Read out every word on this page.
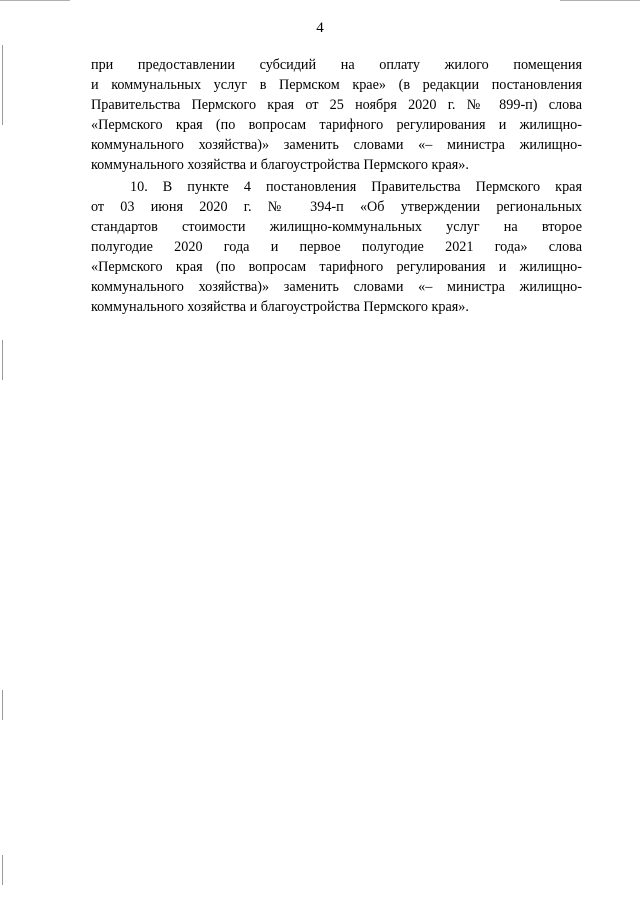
4
при предоставлении субсидий на оплату жилого помещения
и коммунальных услуг в Пермском крае» (в редакции постановления
Правительства Пермского края от 25 ноября 2020 г. № 899-п) слова
«Пермского края (по вопросам тарифного регулирования и жилищно-
коммунального хозяйства)» заменить словами «– министра жилищно-
коммунального хозяйства и благоустройства Пермского края».
10. В пункте 4 постановления Правительства Пермского края
от 03 июня 2020 г. № 394-п «Об утверждении региональных
стандартов стоимости жилищно-коммунальных услуг на второе
полугодие 2020 года и первое полугодие 2021 года» слова
«Пермского края (по вопросам тарифного регулирования и жилищно-
коммунального хозяйства)» заменить словами «– министра жилищно-
коммунального хозяйства и благоустройства Пермского края».
